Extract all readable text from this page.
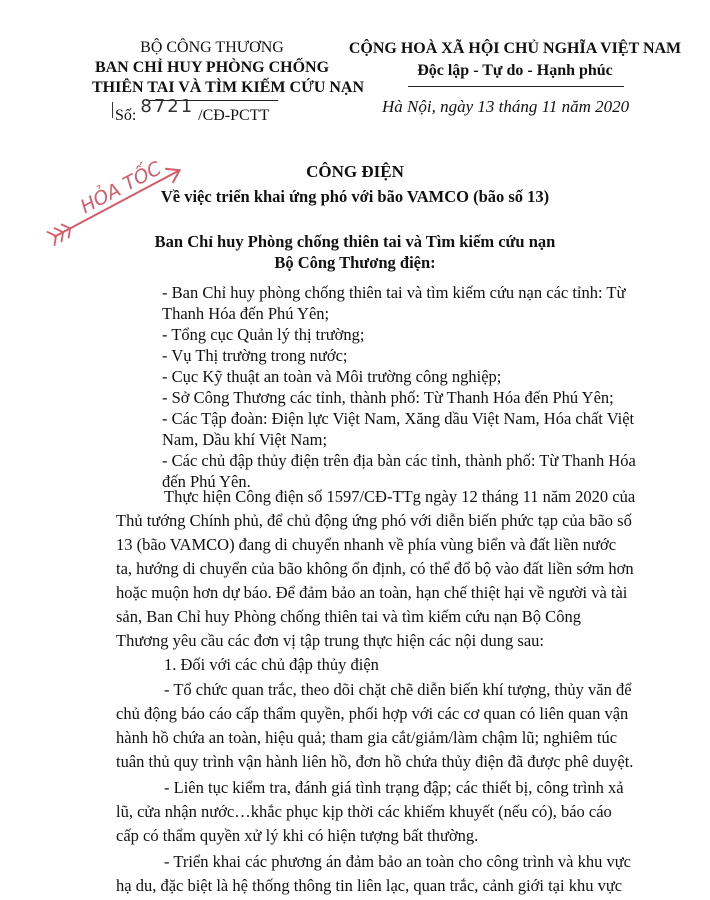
BỘ CÔNG THƯƠNG
BAN CHỈ HUY PHÒNG CHỐNG
THIÊN TAI VÀ TÌM KIẾM CỨU NẠN
CỘNG HOÀ XÃ HỘI CHỦ NGHĨA VIỆT NAM
Độc lập - Tự do - Hạnh phúc
Số: 8721 /CĐ-PCTT	Hà Nội, ngày 13 tháng 11 năm 2020
HỎA TỐC	CÔNG ĐIỆN
Về việc triển khai ứng phó với bão VAMCO (bão số 13)
Ban Chỉ huy Phòng chống thiên tai và Tìm kiếm cứu nạn
Bộ Công Thương điện:
- Ban Chỉ huy phòng chống thiên tai và tìm kiếm cứu nạn các tỉnh: Từ
Thanh Hóa đến Phú Yên;
- Tổng cục Quản lý thị trường;
- Vụ Thị trường trong nước;
- Cục Kỹ thuật an toàn và Môi trường công nghiệp;
- Sở Công Thương các tỉnh, thành phố: Từ Thanh Hóa đến Phú Yên;
- Các Tập đoàn: Điện lực Việt Nam, Xăng dầu Việt Nam, Hóa chất Việt
Nam, Dầu khí Việt Nam;
- Các chủ đập thủy điện trên địa bàn các tỉnh, thành phố: Từ Thanh Hóa
đến Phú Yên.
Thực hiện Công điện số 1597/CĐ-TTg ngày 12 tháng 11 năm 2020 của
Thủ tướng Chính phủ, để chủ động ứng phó với diễn biến phức tạp của bão số
13 (bão VAMCO) đang di chuyển nhanh về phía vùng biển và đất liền nước
ta, hướng di chuyển của bão không ổn định, có thể đổ bộ vào đất liền sớm hơn
hoặc muộn hơn dự báo. Để đảm bảo an toàn, hạn chế thiệt hại về người và tài
sản, Ban Chỉ huy Phòng chống thiên tai và tìm kiếm cứu nạn Bộ Công
Thương yêu cầu các đơn vị tập trung thực hiện các nội dung sau:
1. Đối với các chủ đập thủy điện
- Tổ chức quan trắc, theo dõi chặt chẽ diễn biến khí tượng, thủy văn để
chủ động báo cáo cấp thẩm quyền, phối hợp với các cơ quan có liên quan vận
hành hồ chứa an toàn, hiệu quả; tham gia cắt/giảm/làm chậm lũ; nghiêm túc
tuân thủ quy trình vận hành liên hồ, đơn hồ chứa thủy điện đã được phê duyệt.
- Liên tục kiểm tra, đánh giá tình trạng đập; các thiết bị, công trình xả
lũ, cửa nhận nước…khắc phục kịp thời các khiếm khuyết (nếu có), báo cáo
cấp có thẩm quyền xử lý khi có hiện tượng bất thường.
- Triển khai các phương án đảm bảo an toàn cho công trình và khu vực
hạ du, đặc biệt là hệ thống thông tin liên lạc, quan trắc, cảnh giới tại khu vực
